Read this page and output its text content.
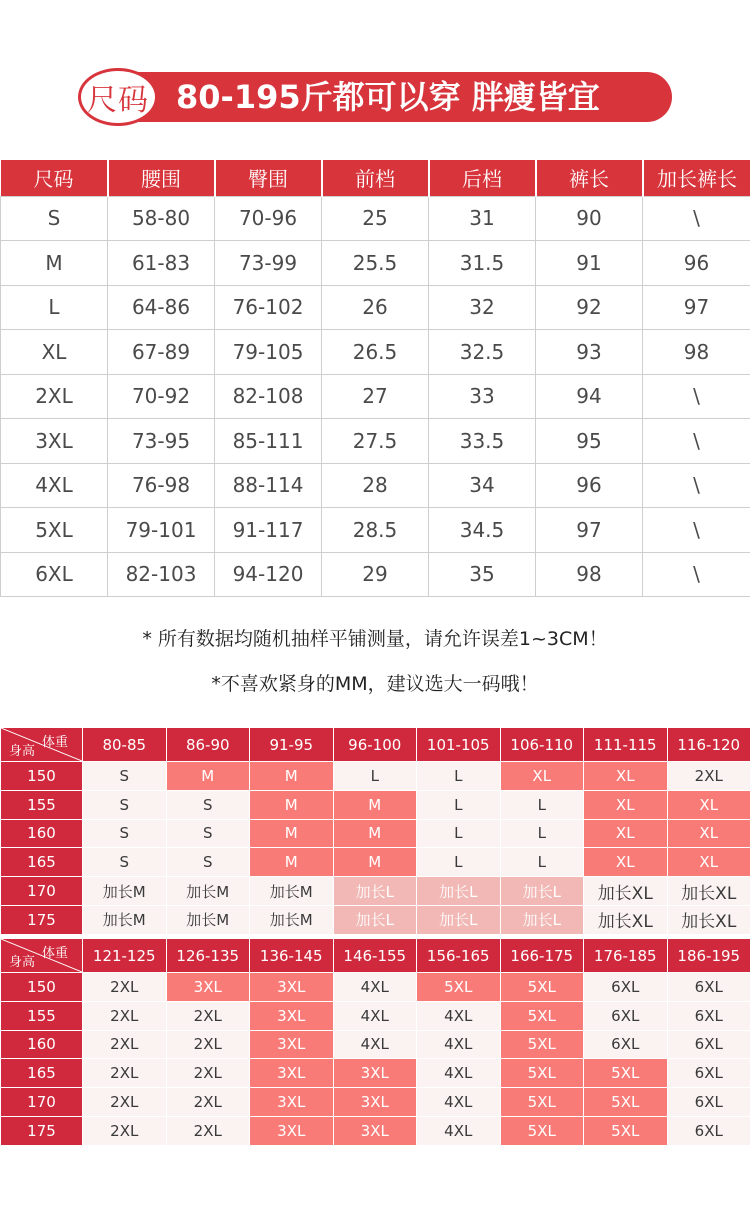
尺码 80-195斤都可以穿 胖瘦皆宜
尺码	腰围	臀围	前档	后档	裤长	加长裤长
S	58-80	70-96	25	31	90	\
M	61-83	73-99	25.5	31.5	91	96
L	64-86	76-102	26	32	92	97
XL	67-89	79-105	26.5	32.5	93	98
2XL	70-92	82-108	27	33	94	\
3XL	73-95	85-111	27.5	33.5	95	\
4XL	76-98	88-114	28	34	96	\
5XL	79-101	91-117	28.5	34.5	97	\
6XL	82-103	94-120	29	35	98	\
* 所有数据均随机抽样平铺测量，请允许误差1~3CM！
*不喜欢紧身的MM，建议选大一码哦！
体重
身高	80-85	86-90	91-95	96-100	101-105	106-110	111-115	116-120
150	S	M	M	L	L	XL	XL	2XL
155	S	S	M	M	L	L	XL	XL
160	S	S	M	M	L	L	XL	XL
165	S	S	M	M	L	L	XL	XL
170	加长M	加长M	加长M	加长L	加长L	加长L	加长XL	加长XL
175	加长M	加长M	加长M	加长L	加长L	加长L	加长XL	加长XL
体重
身高	121-125	126-135	136-145	146-155	156-165	166-175	176-185	186-195
150	2XL	3XL	3XL	4XL	5XL	5XL	6XL	6XL
155	2XL	2XL	3XL	4XL	4XL	5XL	6XL	6XL
160	2XL	2XL	3XL	4XL	4XL	5XL	6XL	6XL
165	2XL	2XL	3XL	3XL	4XL	5XL	5XL	6XL
170	2XL	2XL	3XL	3XL	4XL	5XL	5XL	6XL
175	2XL	2XL	3XL	3XL	4XL	5XL	5XL	6XL
